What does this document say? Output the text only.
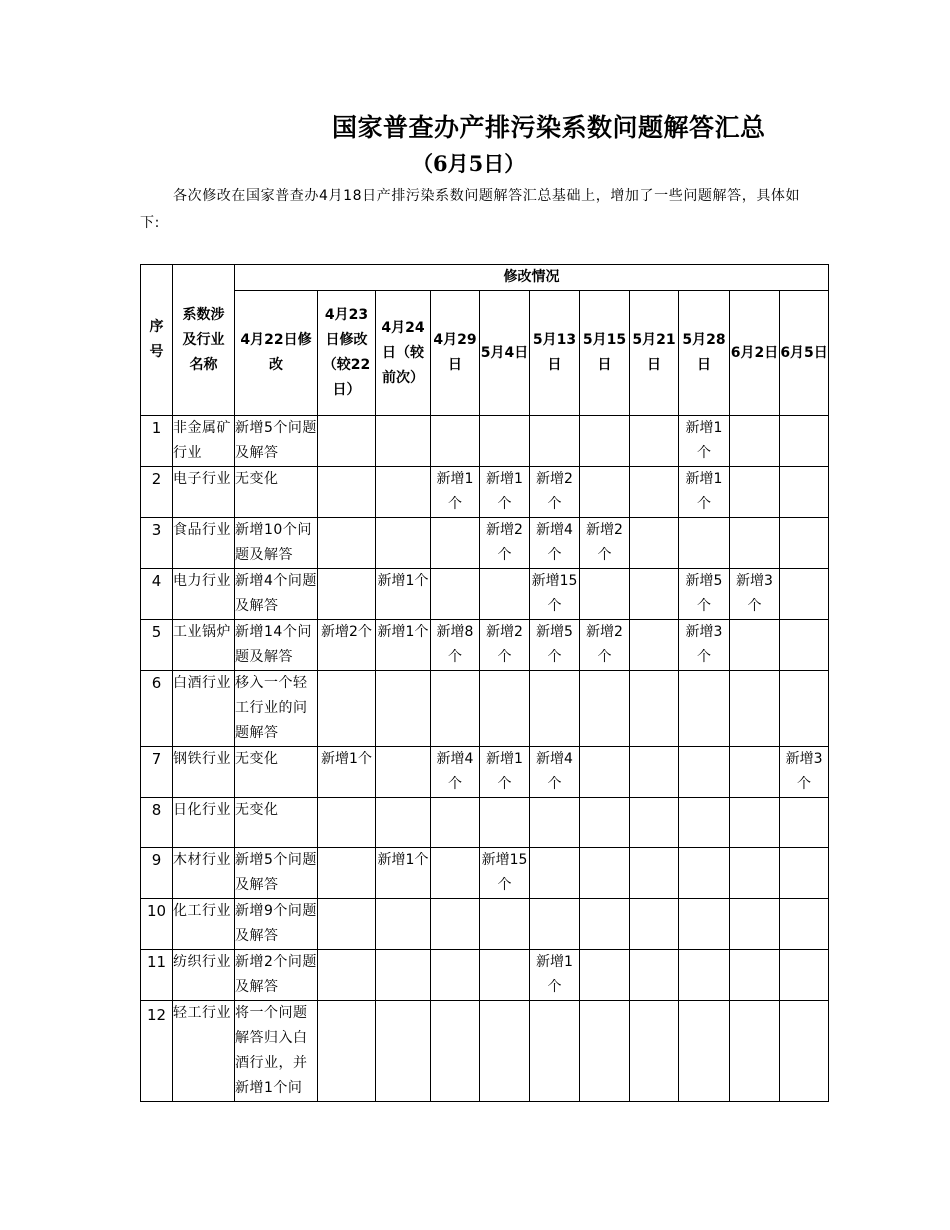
国家普查办产排污染系数问题解答汇总
（6月5日）
各次修改在国家普查办4月18日产排污染系数问题解答汇总基础上，增加了一些问题解答，具体如下:
序号	系数涉及行业名称	修改情况										
		4月22日修改	4月23日修改（较22日）	4月24日（较前次）	4月29日	5月4日	5月13日	5月15日	5月21日	5月28日	6月2日	6月5日
1	非金属矿行业	新增5个问题及解答								新增1个		
2	电子行业	无变化			新增1个	新增1个	新增2个			新增1个		
3	食品行业	新增10个问题及解答				新增2个	新增4个	新增2个				
4	电力行业	新增4个问题及解答		新增1个			新增15个			新增5个	新增3个	
5	工业锅炉	新增14个问题及解答	新增2个	新增1个	新增8个	新增2个	新增5个	新增2个		新增3个		
6	白酒行业	移入一个轻工行业的问题解答										
7	钢铁行业	无变化	新增1个		新增4个	新增1个	新增4个					新增3个
8	日化行业	无变化										
9	木材行业	新增5个问题及解答		新增1个		新增15个						
10	化工行业	新增9个问题及解答										
11	纺织行业	新增2个问题及解答					新增1个					
12	轻工行业	将一个问题解答归入白酒行业，并新增1个问										
